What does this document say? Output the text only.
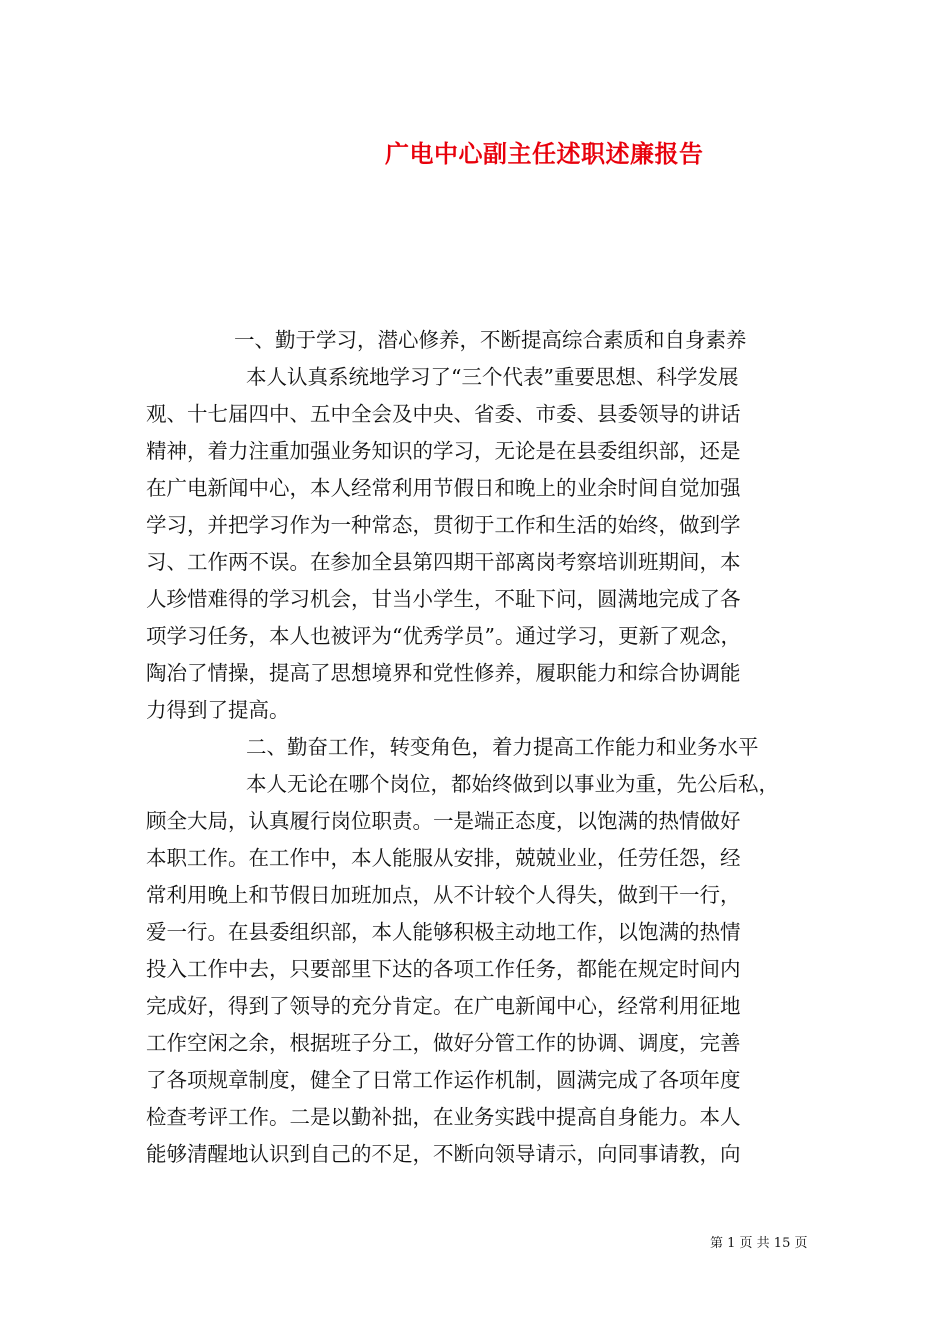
广电中心副主任述职述廉报告
一、勤于学习，潜心修养，不断提高综合素质和自身素养
本人认真系统地学习了“三个代表”重要思想、科学发展
观、十七届四中、五中全会及中央、省委、市委、县委领导的讲话
精神，着力注重加强业务知识的学习，无论是在县委组织部，还是
在广电新闻中心，本人经常利用节假日和晚上的业余时间自觉加强
学习，并把学习作为一种常态，贯彻于工作和生活的始终，做到学
习、工作两不误。在参加全县第四期干部离岗考察培训班期间，本
人珍惜难得的学习机会，甘当小学生，不耻下问，圆满地完成了各
项学习任务，本人也被评为“优秀学员”。通过学习，更新了观念，
陶冶了情操，提高了思想境界和党性修养，履职能力和综合协调能
力得到了提高。
二、勤奋工作，转变角色，着力提高工作能力和业务水平
本人无论在哪个岗位，都始终做到以事业为重，先公后私，
顾全大局，认真履行岗位职责。一是端正态度，以饱满的热情做好
本职工作。在工作中，本人能服从安排，兢兢业业，任劳任怨，经
常利用晚上和节假日加班加点，从不计较个人得失，做到干一行，
爱一行。在县委组织部，本人能够积极主动地工作，以饱满的热情
投入工作中去，只要部里下达的各项工作任务，都能在规定时间内
完成好，得到了领导的充分肯定。在广电新闻中心，经常利用征地
工作空闲之余，根据班子分工，做好分管工作的协调、调度，完善
了各项规章制度，健全了日常工作运作机制，圆满完成了各项年度
检查考评工作。二是以勤补拙，在业务实践中提高自身能力。本人
能够清醒地认识到自己的不足，不断向领导请示，向同事请教，向
第 1 页 共 15 页
